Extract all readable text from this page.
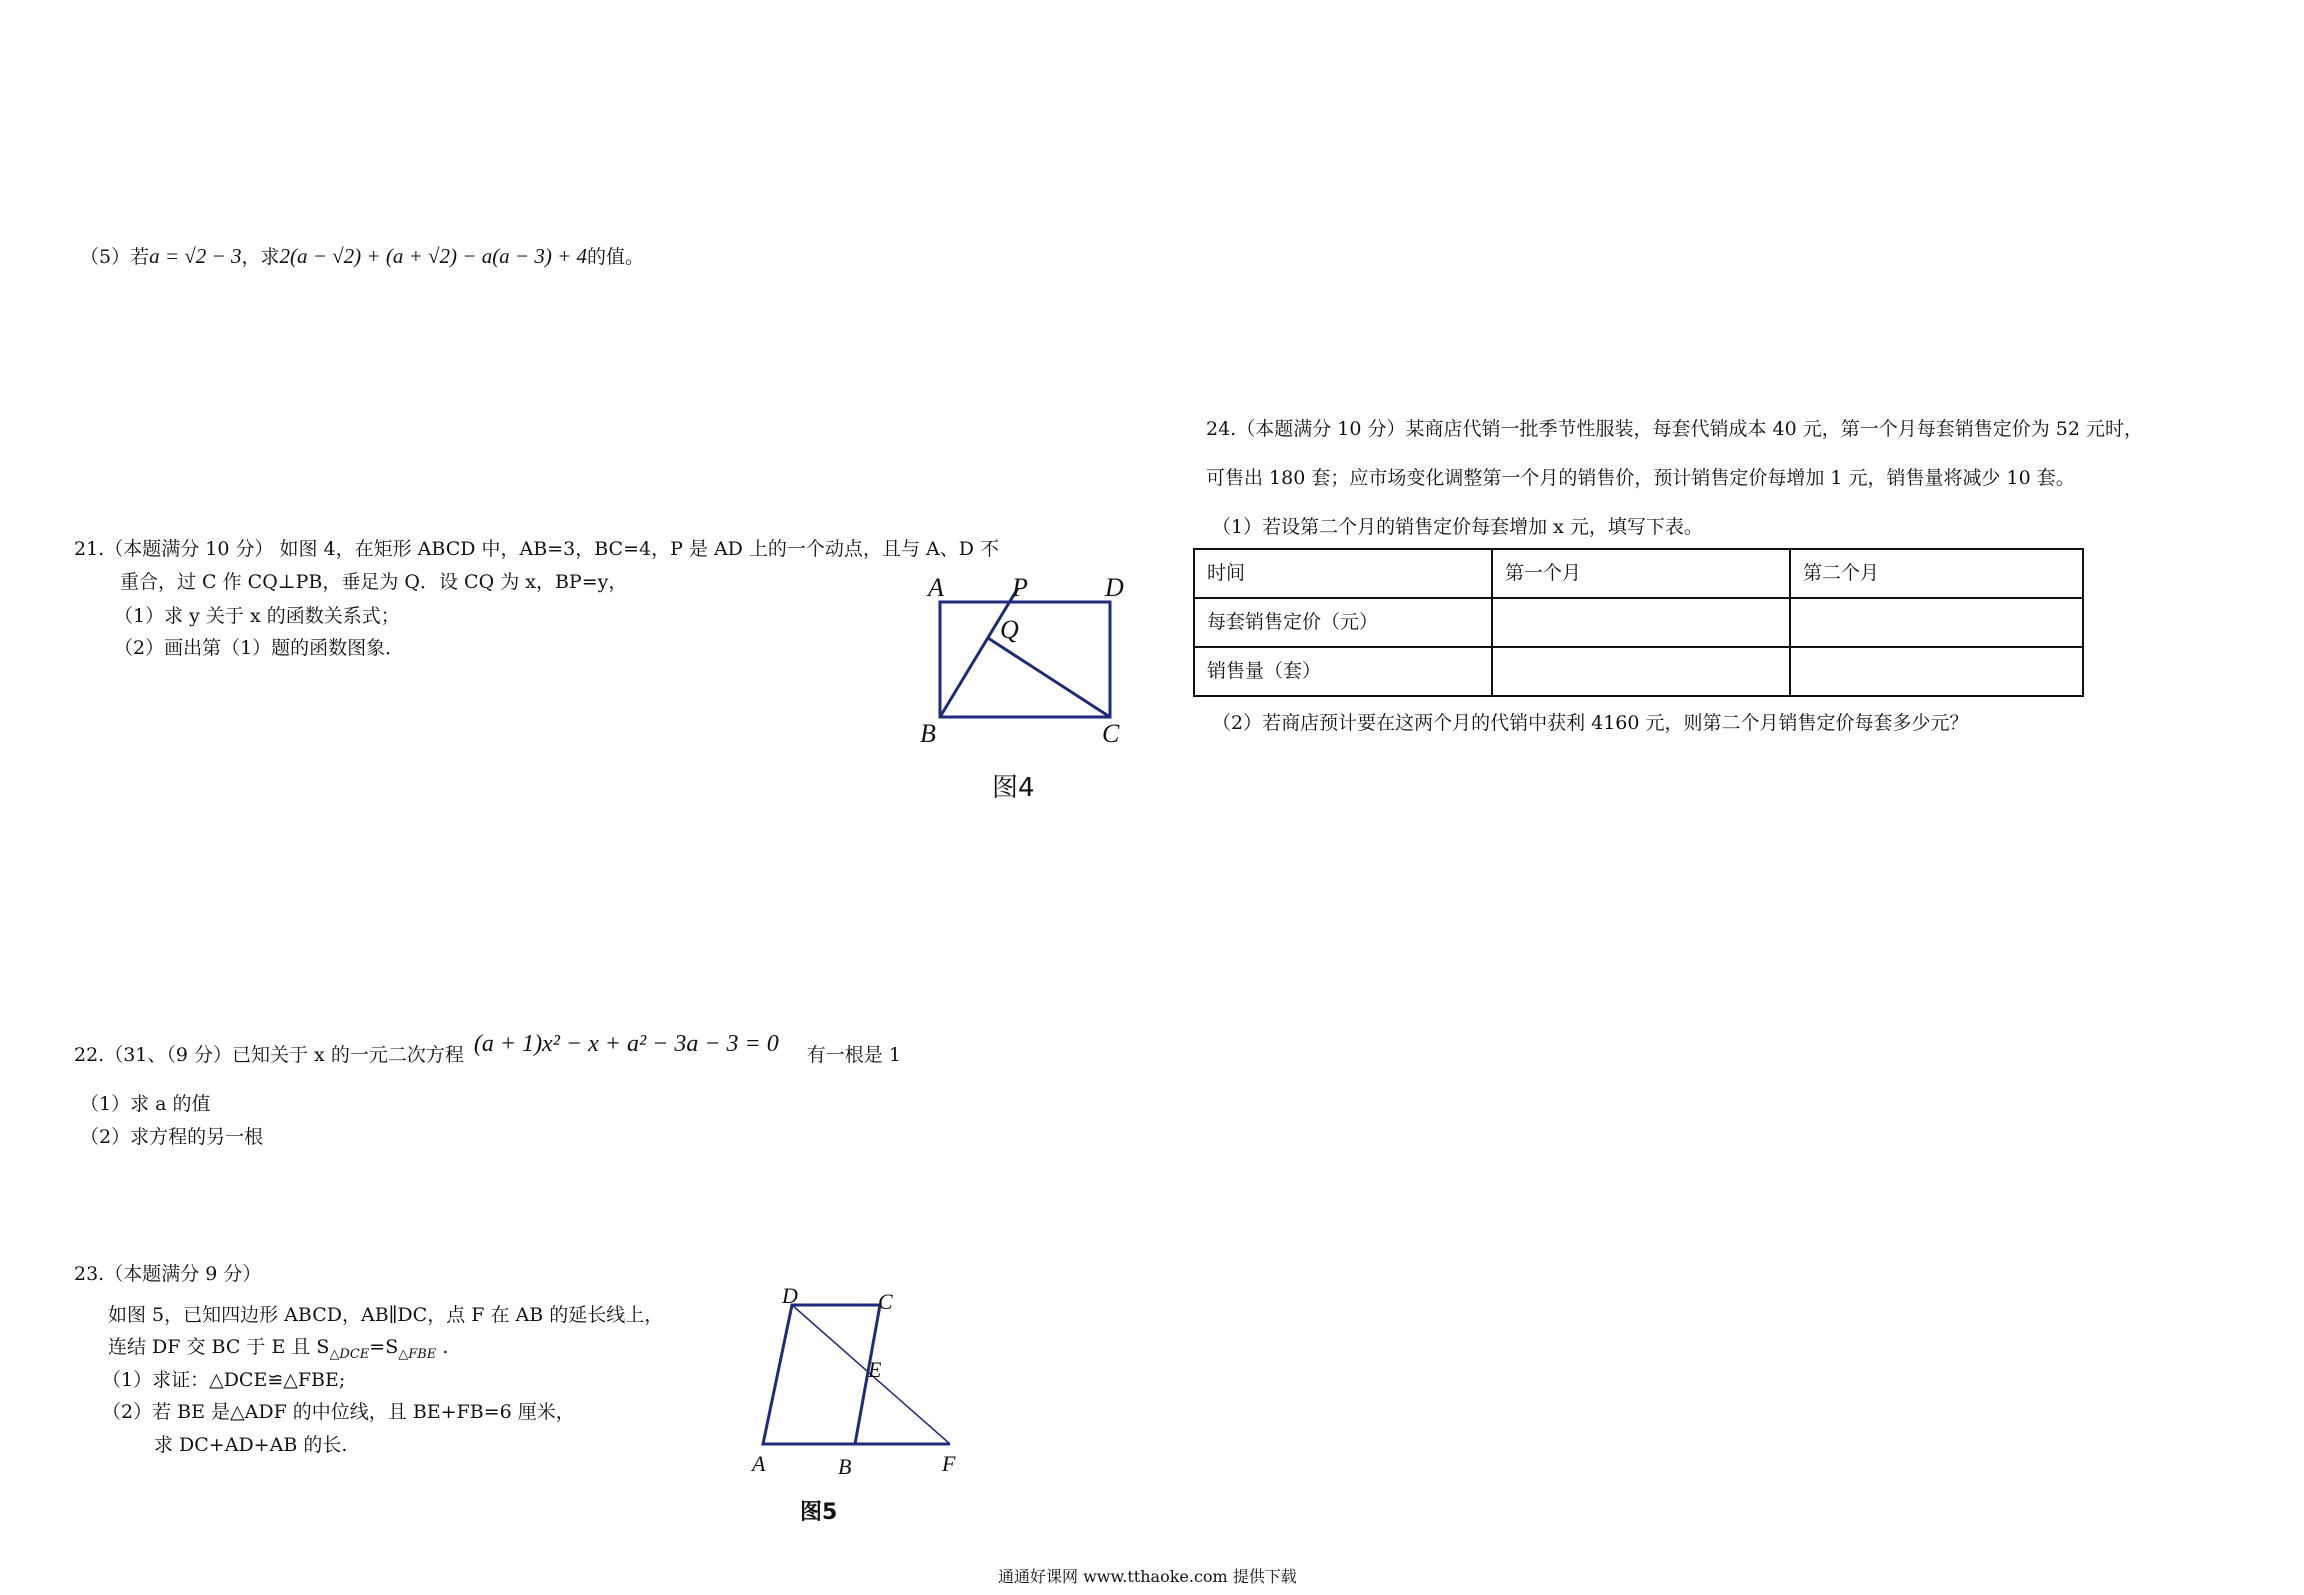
（5）若a = √2 − 3，求2(a − √2) + (a + √2) − a(a − 3) + 4的值。
21.（本题满分 10 分） 如图 4，在矩形 ABCD 中，AB=3，BC=4，P 是 AD 上的一个动点，且与 A、D 不
重合，过 C 作 CQ⊥PB，垂足为 Q．设 CQ 为 x，BP=y，
（1）求 y 关于 x 的函数关系式；
（2）画出第（1）题的函数图象．
A	P	D
Q
B	C
图4
24.（本题满分 10 分）某商店代销一批季节性服装，每套代销成本 40 元，第一个月每套销售定价为 52 元时，
可售出 180 套；应市场变化调整第一个月的销售价，预计销售定价每增加 1 元，销售量将减少 10 套。
（1）若设第二个月的销售定价每套增加 x 元，填写下表。
时间	第一个月	第二个月
每套销售定价（元）		
销售量（套）		
（2）若商店预计要在这两个月的代销中获利 4160 元，则第二个月销售定价每套多少元？
22.（31、（9 分）已知关于 x 的一元二次方程 (a + 1)x² − x + a² − 3a − 3 = 0 有一根是 1
（1）求 a 的值
（2）求方程的另一根
23.（本题满分 9 分）
如图 5，已知四边形 ABCD，AB∥DC，点 F 在 AB 的延长线上，
连结 DF 交 BC 于 E 且 $S_{\triangle DCE}=S_{\triangle FBE}$ .
（1）求证：△DCE≌△FBE;
（2）若 BE 是△ADF 的中位线，且 BE+FB=6 厘米，
求 DC+AD+AB 的长.
D	C
E
A	B	F
图5
通通好课网 www.tthaoke.com 提供下载
